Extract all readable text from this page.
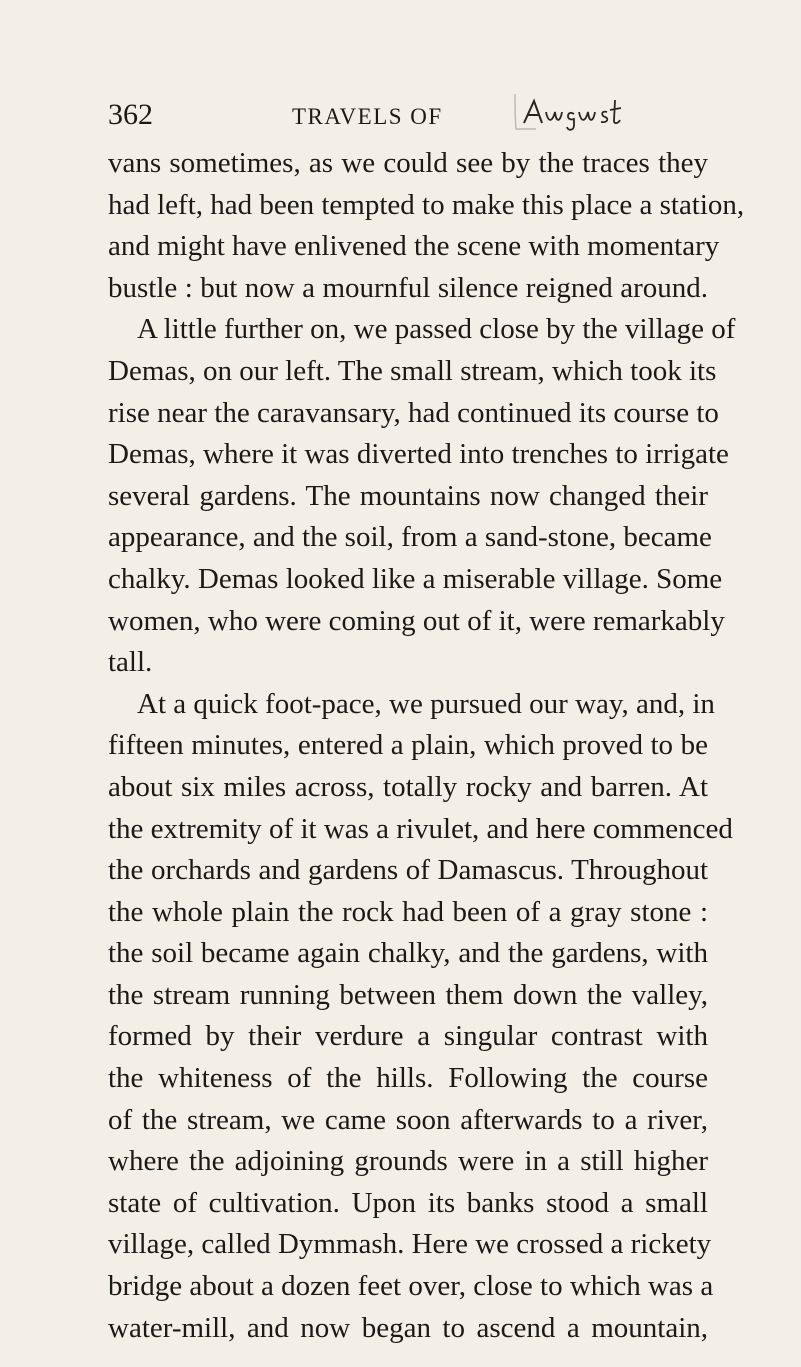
362	TRAVELS OF
vans sometimes, as we could see by the traces they
had left, had been tempted to make this place a station,
and might have enlivened the scene with momentary
bustle : but now a mournful silence reigned around.
A little further on, we passed close by the village of
Demas, on our left. The small stream, which took its
rise near the caravansary, had continued its course to
Demas, where it was diverted into trenches to irrigate
several gardens. The mountains now changed their
appearance, and the soil, from a sand-stone, became
chalky. Demas looked like a miserable village. Some
women, who were coming out of it, were remarkably
tall.
At a quick foot-pace, we pursued our way, and, in
fifteen minutes, entered a plain, which proved to be
about six miles across, totally rocky and barren. At
the extremity of it was a rivulet, and here commenced
the orchards and gardens of Damascus. Throughout
the whole plain the rock had been of a gray stone :
the soil became again chalky, and the gardens, with
the stream running between them down the valley,
formed by their verdure a singular contrast with
the whiteness of the hills. Following the course
of the stream, we came soon afterwards to a river,
where the adjoining grounds were in a still higher
state of cultivation. Upon its banks stood a small
village, called Dymmash. Here we crossed a rickety
bridge about a dozen feet over, close to which was a
water-mill, and now began to ascend a mountain,
